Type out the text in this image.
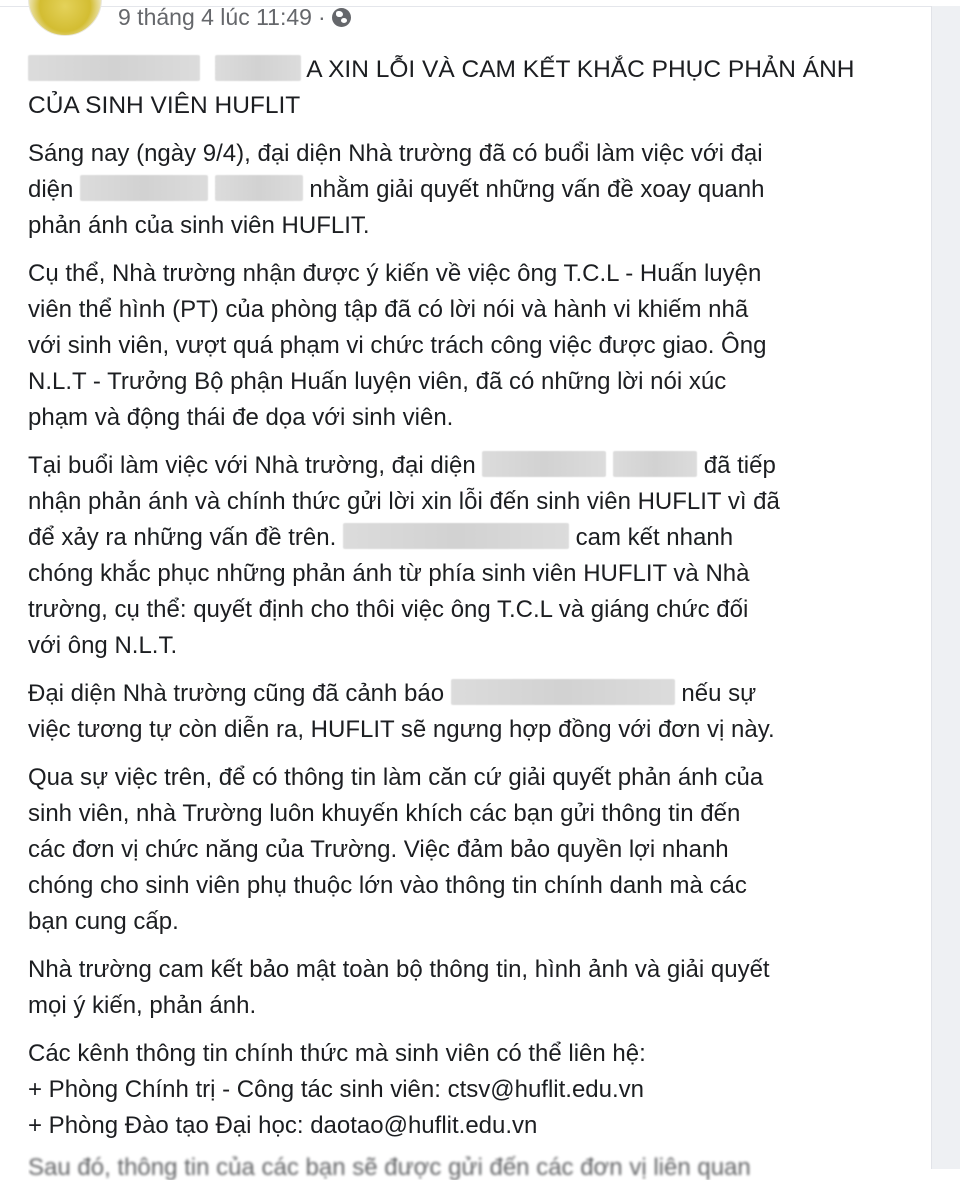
9 tháng 4 lúc 11:49 ·
A XIN LỖI VÀ CAM KẾT KHẮC PHỤC PHẢN ÁNH
CỦA SINH VIÊN HUFLIT
Sáng nay (ngày 9/4), đại diện Nhà trường đã có buổi làm việc với đại
diện	nhằm giải quyết những vấn đề xoay quanh
phản ánh của sinh viên HUFLIT.
Cụ thể, Nhà trường nhận được ý kiến về việc ông T.C.L - Huấn luyện
viên thể hình (PT) của phòng tập đã có lời nói và hành vi khiếm nhã
với sinh viên, vượt quá phạm vi chức trách công việc được giao. Ông
N.L.T - Trưởng Bộ phận Huấn luyện viên, đã có những lời nói xúc
phạm và động thái đe dọa với sinh viên.
Tại buổi làm việc với Nhà trường, đại diện	đã tiếp
nhận phản ánh và chính thức gửi lời xin lỗi đến sinh viên HUFLIT vì đã
để xảy ra những vấn đề trên.	cam kết nhanh
chóng khắc phục những phản ánh từ phía sinh viên HUFLIT và Nhà
trường, cụ thể: quyết định cho thôi việc ông T.C.L và giáng chức đối
với ông N.L.T.
Đại diện Nhà trường cũng đã cảnh báo	nếu sự
việc tương tự còn diễn ra, HUFLIT sẽ ngưng hợp đồng với đơn vị này.
Qua sự việc trên, để có thông tin làm căn cứ giải quyết phản ánh của
sinh viên, nhà Trường luôn khuyến khích các bạn gửi thông tin đến
các đơn vị chức năng của Trường. Việc đảm bảo quyền lợi nhanh
chóng cho sinh viên phụ thuộc lớn vào thông tin chính danh mà các
bạn cung cấp.
Nhà trường cam kết bảo mật toàn bộ thông tin, hình ảnh và giải quyết
mọi ý kiến, phản ánh.
Các kênh thông tin chính thức mà sinh viên có thể liên hệ:
+ Phòng Chính trị - Công tác sinh viên: ctsv@huflit.edu.vn
+ Phòng Đào tạo Đại học: daotao@huflit.edu.vn
Sau đó, thông tin của các bạn sẽ được gửi đến các đơn vị liên quan
